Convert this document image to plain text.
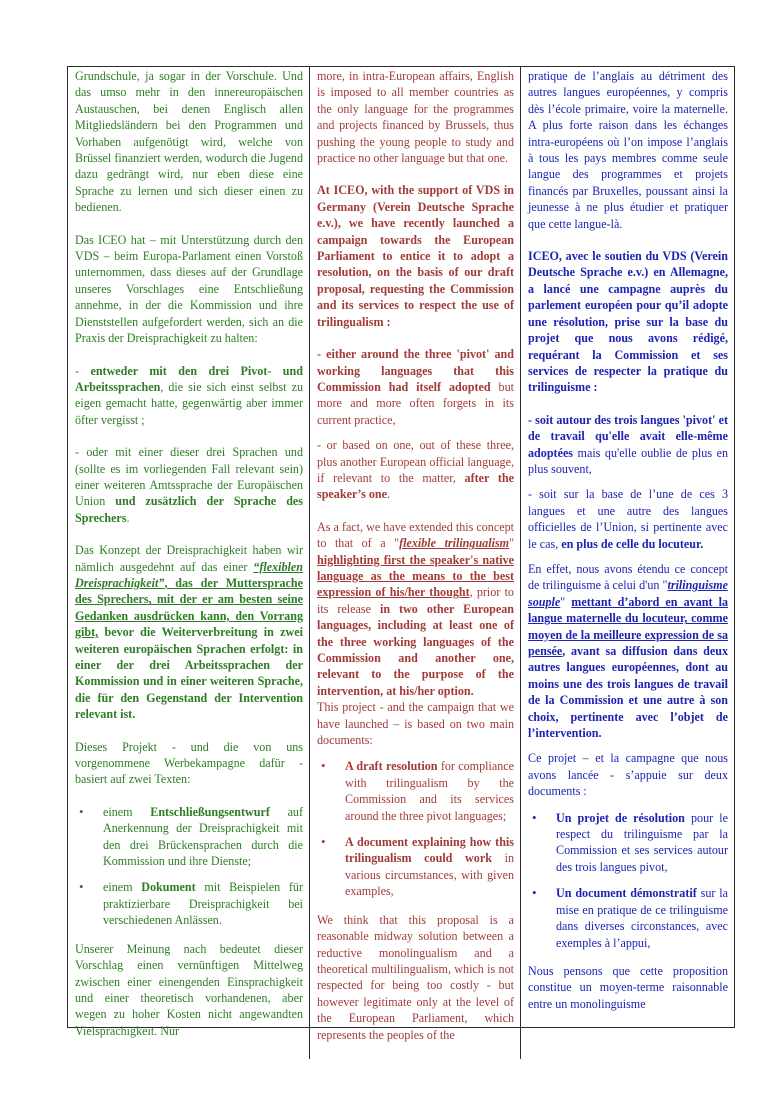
Grundschule, ja sogar in der Vorschule. Und das umso mehr in den innereuropäischen Austauschen, bei denen Englisch allen Mitgliedsländern bei den Programmen und Vorhaben aufgenötigt wird, welche von Brüssel finanziert werden, wodurch die Jugend dazu gedrängt wird, nur eben diese eine Sprache zu lernen und sich dieser einen zu bedienen.

Das ICEO hat – mit Unterstützung durch den VDS – beim Europa-Parlament einen Vorstoß unternommen, dass dieses auf der Grundlage unseres Vorschlages eine Entschließung annehme, in der die Kommission und ihre Dienststellen aufgefordert werden, sich an die Praxis der Dreisprachigkeit zu halten:

- entweder mit den drei Pivot- und Arbeitssprachen, die sie sich einst selbst zu eigen gemacht hatte, gegenwärtig aber immer öfter vergisst ;

- oder mit einer dieser drei Sprachen und (sollte es im vorliegenden Fall relevant sein) einer weiteren Amtssprache der Europäischen Union und zusätzlich der Sprache des Sprechers.

Das Konzept der Dreisprachigkeit haben wir nämlich ausgedehnt auf das einer “flexiblen Dreisprachigkeit”, das der Muttersprache des Sprechers, mit der er am besten seine Gedanken ausdrücken kann, den Vorrang gibt, bevor die Weiterverbreitung in zwei weiteren europäischen Sprachen erfolgt: in einer der drei Arbeitssprachen der Kommission und in einer weiteren Sprache, die für den Gegenstand der Intervention relevant ist.

Dieses Projekt - und die von uns vorgenommene Werbekampagne dafür - basiert auf zwei Texten:

• einem Entschließungsentwurf auf Anerkennung der Dreisprachigkeit mit den drei Brückensprachen durch die Kommission und ihre Dienste;
• einem Dokument mit Beispielen für praktizierbare Dreisprachigkeit bei verschiedenen Anlässen.

Unserer Meinung nach bedeutet dieser Vorschlag einen vernünftigen Mittelweg zwischen einer einengenden Einsprachigkeit und einer theoretisch vorhandenen, aber wegen zu hoher Kosten nicht angewandten Vielsprachigkeit. Nur

more, in intra-European affairs, English is imposed to all member countries as the only language for the programmes and projects financed by Brussels, thus pushing the young people to study and practice no other language but that one.

At ICEO, with the support of VDS in Germany (Verein Deutsche Sprache e.v.), we have recently launched a campaign towards the European Parliament to entice it to adopt a resolution, on the basis of our draft proposal, requesting the Commission and its services to respect the use of trilingualism :

- either around the three 'pivot' and working languages that this Commission had itself adopted but more and more often forgets in its current practice,

- or based on one, out of these three, plus another European official language, if relevant to the matter, after the speaker’s one.

As a fact, we have extended this concept to that of a "flexible trilingualism" highlighting first the speaker's native language as the means to the best expression of his/her thought, prior to its release in two other European languages, including at least one of the three working languages of the Commission and another one, relevant to the purpose of the intervention, at his/her option.

This project - and the campaign that we have launched – is based on two main documents:

• A draft resolution for compliance with trilingualism by the Commission and its services around the three pivot languages;
• A document explaining how this trilingualism could work in various circumstances, with given examples,

We think that this proposal is a reasonable midway solution between a reductive monolingualism and a theoretical multilingualism, which is not respected for being too costly - but however legitimate only at the level of the European Parliament, which represents the peoples of the

pratique de l’anglais au détriment des autres langues européennes, y compris dès l’école primaire, voire la maternelle. A plus forte raison dans les échanges intra-européens où l’on impose l’anglais à tous les pays membres comme seule langue des programmes et projets financés par Bruxelles, poussant ainsi la jeunesse à ne plus étudier et pratiquer que cette langue-là.

ICEO, avec le soutien du VDS (Verein Deutsche Sprache e.v.) en Allemagne, a lancé une campagne auprès du parlement européen pour qu’il adopte une résolution, prise sur la base du projet que nous avons rédigé, requérant la Commission et ses services de respecter la pratique du trilinguisme :

- soit autour des trois langues 'pivot' et de travail qu'elle avait elle-même adoptées mais qu'elle oublie de plus en plus souvent,

- soit sur la base de l’une de ces 3 langues et une autre des langues officielles de l’Union, si pertinente avec le cas, en plus de celle du locuteur.

En effet, nous avons étendu ce concept de trilinguisme à celui d'un "trilinguisme souple" mettant d’abord en avant la langue maternelle du locuteur, comme moyen de la meilleure expression de sa pensée, avant sa diffusion dans deux autres langues européennes, dont au moins une des trois langues de travail de la Commission et une autre à son choix, pertinente avec l’objet de l’intervention.

Ce projet – et la campagne que nous avons lancée - s’appuie sur deux documents :

• Un projet de résolution pour le respect du trilinguisme par la Commission et ses services autour des trois langues pivot,
• Un document démonstratif sur la mise en pratique de ce trilinguisme dans diverses circonstances, avec exemples à l’appui,

Nous pensons que cette proposition constitue un moyen-terme raisonnable entre un monolinguisme
